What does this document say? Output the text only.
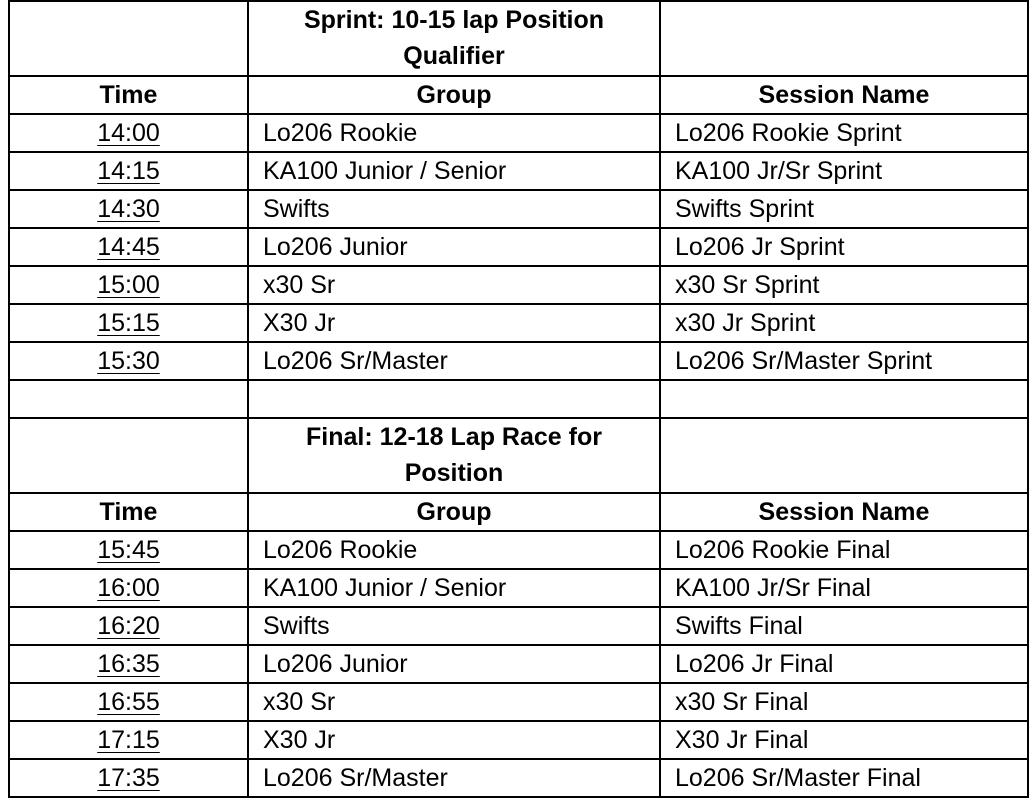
	Sprint: 10-15 lap Position
Qualifier	

Time	Group	Session Name
14:00	Lo206 Rookie	Lo206 Rookie Sprint
14:15	KA100 Junior / Senior	KA100 Jr/Sr Sprint
14:30	Swifts	Swifts Sprint
14:45	Lo206 Junior	Lo206 Jr Sprint
15:00	x30 Sr	x30 Sr Sprint
15:15	X30 Jr	x30 Jr Sprint
15:30	Lo206 Sr/Master	Lo206 Sr/Master Sprint

	Final: 12-18 Lap Race for
Position	

Time	Group	Session Name
15:45	Lo206 Rookie	Lo206 Rookie Final
16:00	KA100 Junior / Senior	KA100 Jr/Sr Final
16:20	Swifts	Swifts Final
16:35	Lo206 Junior	Lo206 Jr Final
16:55	x30 Sr	x30 Sr Final
17:15	X30 Jr	X30 Jr Final
17:35	Lo206 Sr/Master	Lo206 Sr/Master Final
